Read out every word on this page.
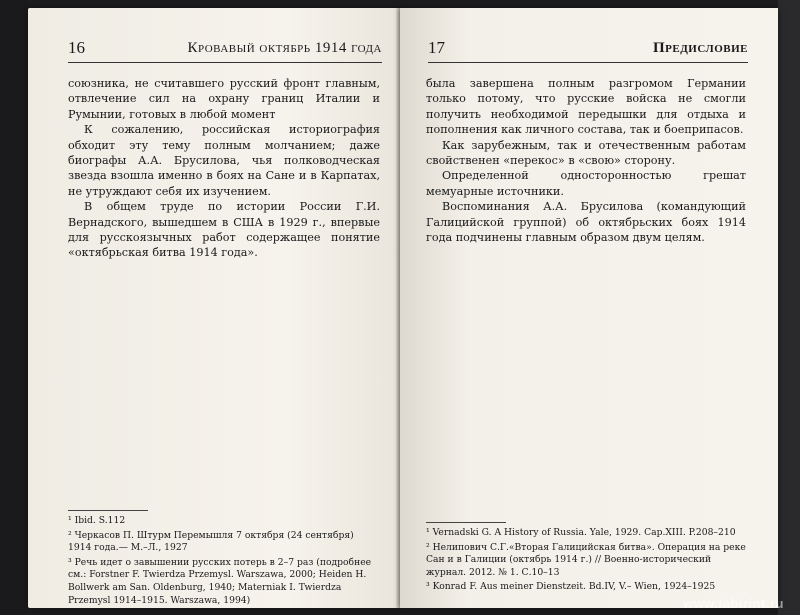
16	Кровавый октябрь 1914 года

союзника, не считавшего русский фронт главным, отвлечение сил на охрану границ Италии и Румынии, готовых в любой момент

К сожалению, российская историография обходит эту тему полным молчанием; даже биографы А.А. Брусилова, чья полководческая звезда взошла именно в боях на Сане и в Карпатах, не утруждают себя их изучением.

В общем труде по истории России Г.И. Вернадского, вышедшем в США в 1929 г., впервые для русскоязычных работ содержащее понятие «октябрьская битва 1914 года».

¹ Ibid. S.112

² Черкасов П. Штурм Перемышля 7 октября (24 сентября) 1914 года.— М.–Л., 1927

³ Речь идет о завышении русских потерь в 2–7 раз (подробнее см.: Forstner F. Twierdza Przemysl. Warszawa, 2000; Heiden H. Bollwerk am San. Oldenburg, 1940; Materniak I. Twierdza Przemysl 1914–1915. Warszawa, 1994)

17	Предисловие

была завершена полным разгромом Германии только потому, что русские войска не смогли получить необходимой передышки для отдыха и пополнения как личного состава, так и боеприпасов.

Как зарубежным, так и отечественным работам свойственен «перекос» в «свою» сторону.

Определенной односторонностью грешат мемуарные источники.

Воспоминания А.А. Брусилова (командующий Галицийской группой) об октябрьских боях 1914 года подчинены главным образом двум целям.

¹ Vernadski G. A History of Russia. Yale, 1929. Cap.XIII. P.208–210

² Нелипович С.Г.«Вторая Галицийская битва». Операция на реке Сан и в Галиции (октябрь 1914 г.) // Военно-исторический журнал. 2012. № 1. С.10–13

³ Konrad F. Aus meiner Dienstzeit. Bd.IV, V.– Wien, 1924–1925

www.labirint.ru
